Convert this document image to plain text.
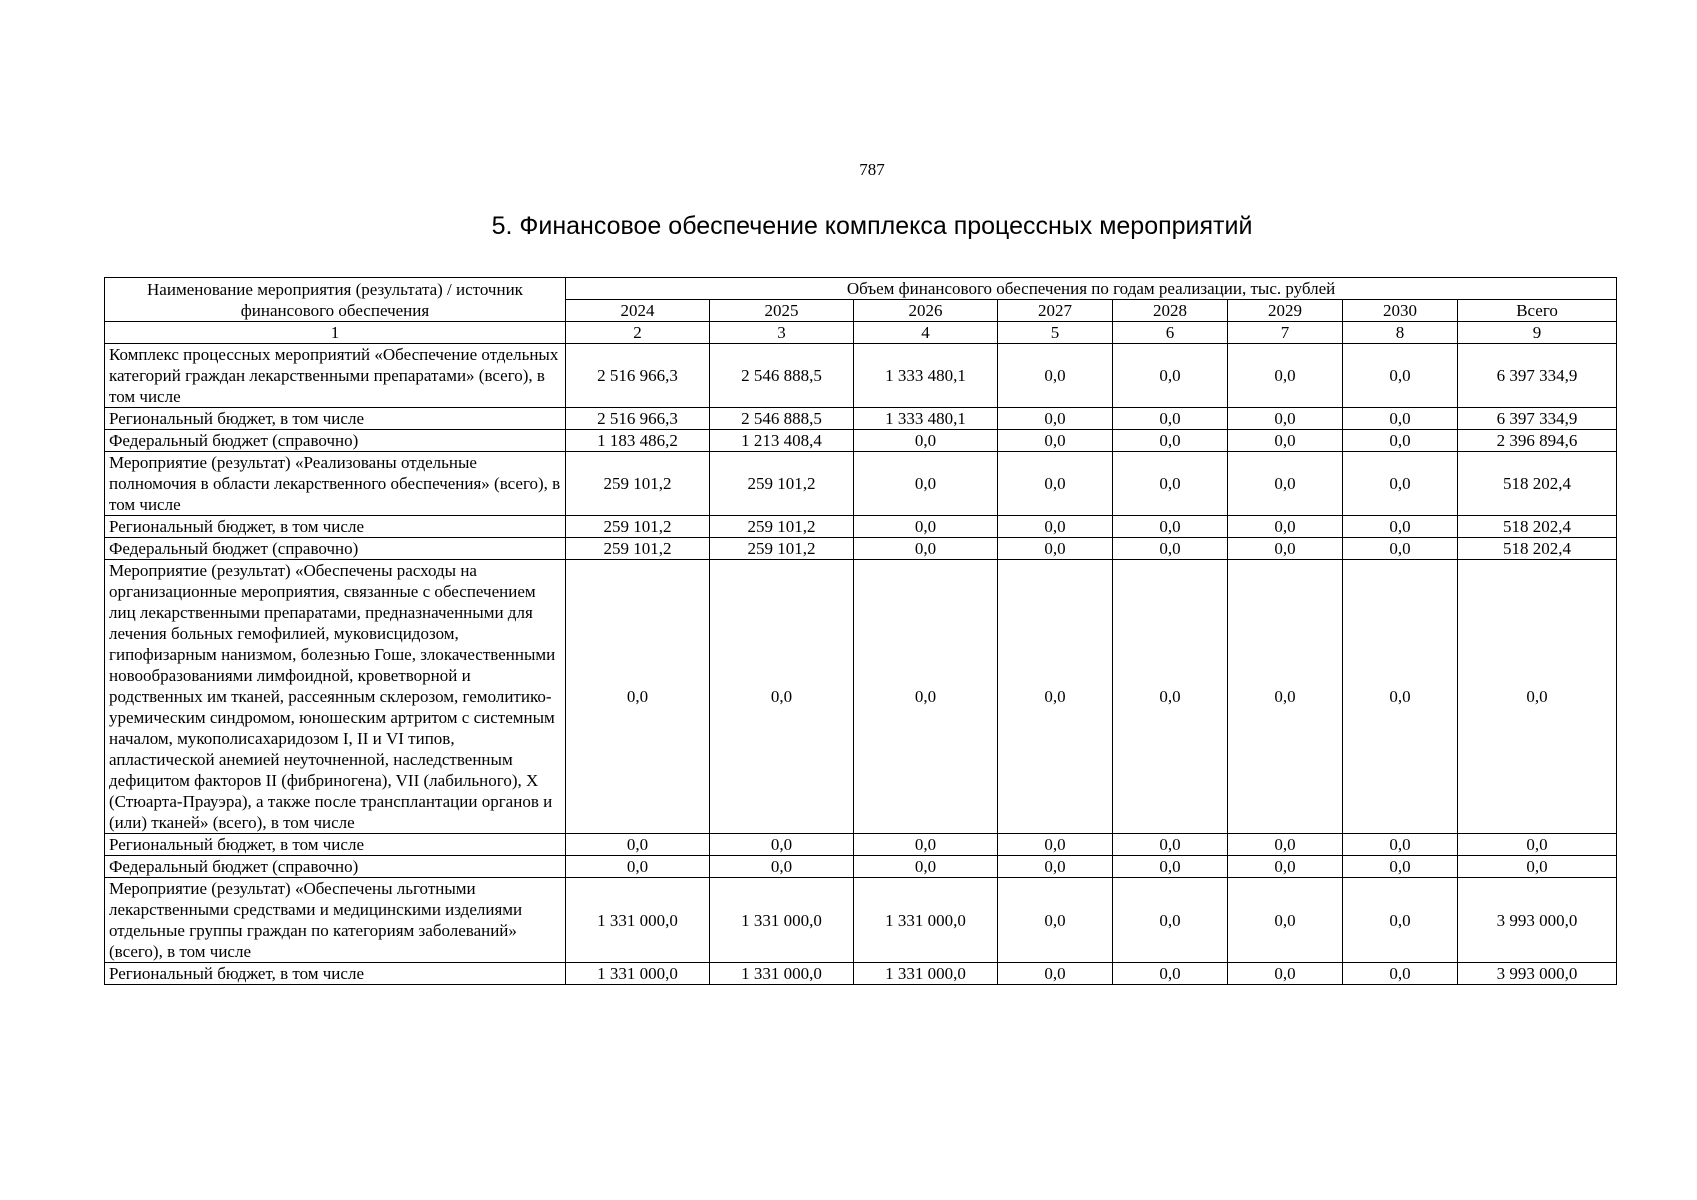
787
5. Финансовое обеспечение комплекса процессных мероприятий
Наименование мероприятия (результата) / источник финансового обеспечения	Объем финансового обеспечения по годам реализации, тыс. рублей							
	2024	2025	2026	2027	2028	2029	2030	Всего
1	2	3	4	5	6	7	8	9
Комплекс процессных мероприятий «Обеспечение отдельных категорий граждан лекарственными препаратами» (всего), в том числе	2 516 966,3	2 546 888,5	1 333 480,1	0,0	0,0	0,0	0,0	6 397 334,9
Региональный бюджет, в том числе	2 516 966,3	2 546 888,5	1 333 480,1	0,0	0,0	0,0	0,0	6 397 334,9
Федеральный бюджет (справочно)	1 183 486,2	1 213 408,4	0,0	0,0	0,0	0,0	0,0	2 396 894,6
Мероприятие (результат) «Реализованы отдельные полномочия в области лекарственного обеспечения» (всего), в том числе	259 101,2	259 101,2	0,0	0,0	0,0	0,0	0,0	518 202,4
Региональный бюджет, в том числе	259 101,2	259 101,2	0,0	0,0	0,0	0,0	0,0	518 202,4
Федеральный бюджет (справочно)	259 101,2	259 101,2	0,0	0,0	0,0	0,0	0,0	518 202,4
Мероприятие (результат) «Обеспечены расходы на организационные мероприятия, связанные с обеспечением лиц лекарственными препаратами, предназначенными для лечения больных гемофилией, муковисцидозом, гипофизарным нанизмом, болезнью Гоше, злокачественными новообразованиями лимфоидной, кроветворной и родственных им тканей, рассеянным склерозом, гемолитико-уремическим синдромом, юношеским артритом с системным началом, мукополисахаридозом I, II и VI типов, апластической анемией неуточненной, наследственным дефицитом факторов II (фибриногена), VII (лабильного), X (Стюарта-Прауэра), а также после трансплантации органов и (или) тканей» (всего), в том числе	0,0	0,0	0,0	0,0	0,0	0,0	0,0	0,0
Региональный бюджет, в том числе	0,0	0,0	0,0	0,0	0,0	0,0	0,0	0,0
Федеральный бюджет (справочно)	0,0	0,0	0,0	0,0	0,0	0,0	0,0	0,0
Мероприятие (результат) «Обеспечены льготными лекарственными средствами и медицинскими изделиями отдельные группы граждан по категориям заболеваний» (всего), в том числе	1 331 000,0	1 331 000,0	1 331 000,0	0,0	0,0	0,0	0,0	3 993 000,0
Региональный бюджет, в том числе	1 331 000,0	1 331 000,0	1 331 000,0	0,0	0,0	0,0	0,0	3 993 000,0
